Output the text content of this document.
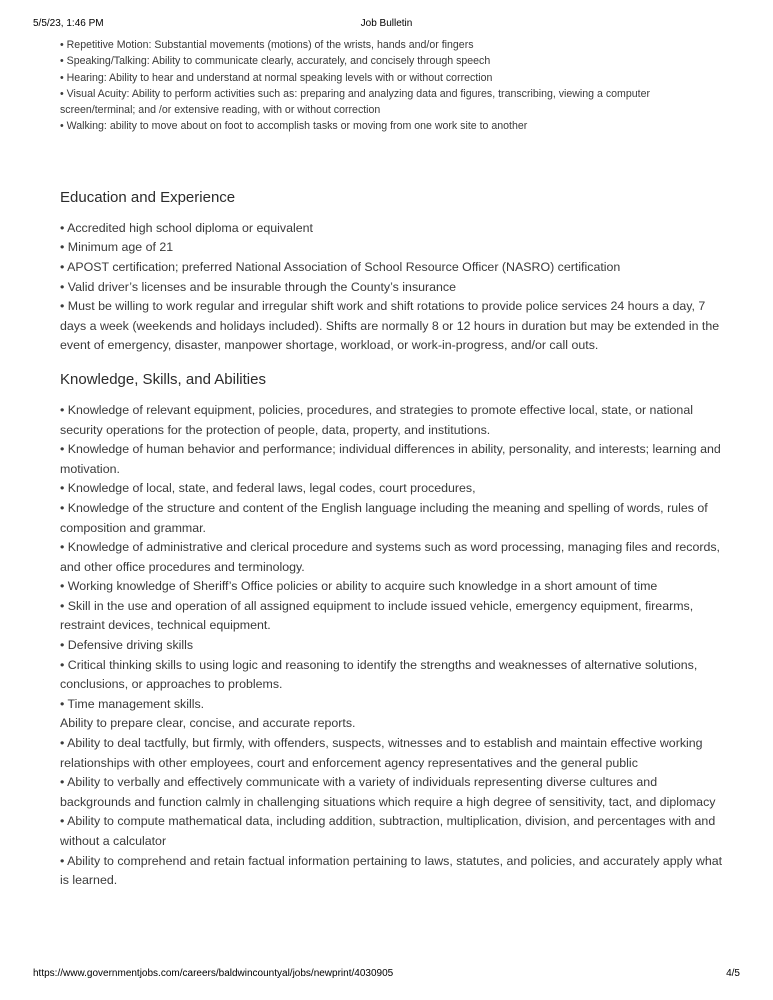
5/5/23, 1:46 PM	Job Bulletin
• Repetitive Motion: Substantial movements (motions) of the wrists, hands and/or fingers
• Speaking/Talking: Ability to communicate clearly, accurately, and concisely through speech
• Hearing: Ability to hear and understand at normal speaking levels with or without correction
• Visual Acuity: Ability to perform activities such as: preparing and analyzing data and figures, transcribing, viewing a computer screen/terminal; and /or extensive reading, with or without correction
• Walking: ability to move about on foot to accomplish tasks or moving from one work site to another
Education and Experience
• Accredited high school diploma or equivalent
• Minimum age of 21
• APOST certification; preferred National Association of School Resource Officer (NASRO) certification
• Valid driver’s licenses and be insurable through the County’s insurance
• Must be willing to work regular and irregular shift work and shift rotations to provide police services 24 hours a day, 7 days a week (weekends and holidays included). Shifts are normally 8 or 12 hours in duration but may be extended in the event of emergency, disaster, manpower shortage, workload, or work-in-progress, and/or call outs.
Knowledge, Skills, and Abilities
• Knowledge of relevant equipment, policies, procedures, and strategies to promote effective local, state, or national security operations for the protection of people, data, property, and institutions.
• Knowledge of human behavior and performance; individual differences in ability, personality, and interests; learning and motivation.
• Knowledge of local, state, and federal laws, legal codes, court procedures,
• Knowledge of the structure and content of the English language including the meaning and spelling of words, rules of composition and grammar.
• Knowledge of administrative and clerical procedure and systems such as word processing, managing files and records, and other office procedures and terminology.
• Working knowledge of Sheriff’s Office policies or ability to acquire such knowledge in a short amount of time
• Skill in the use and operation of all assigned equipment to include issued vehicle, emergency equipment, firearms, restraint devices, technical equipment.
• Defensive driving skills
• Critical thinking skills to using logic and reasoning to identify the strengths and weaknesses of alternative solutions, conclusions, or approaches to problems.
• Time management skills.
Ability to prepare clear, concise, and accurate reports.
• Ability to deal tactfully, but firmly, with offenders, suspects, witnesses and to establish and maintain effective working relationships with other employees, court and enforcement agency representatives and the general public
• Ability to verbally and effectively communicate with a variety of individuals representing diverse cultures and backgrounds and function calmly in challenging situations which require a high degree of sensitivity, tact, and diplomacy
• Ability to compute mathematical data, including addition, subtraction, multiplication, division, and percentages with and without a calculator
• Ability to comprehend and retain factual information pertaining to laws, statutes, and policies, and accurately apply what is learned.
https://www.governmentjobs.com/careers/baldwincountyal/jobs/newprint/4030905	4/5
